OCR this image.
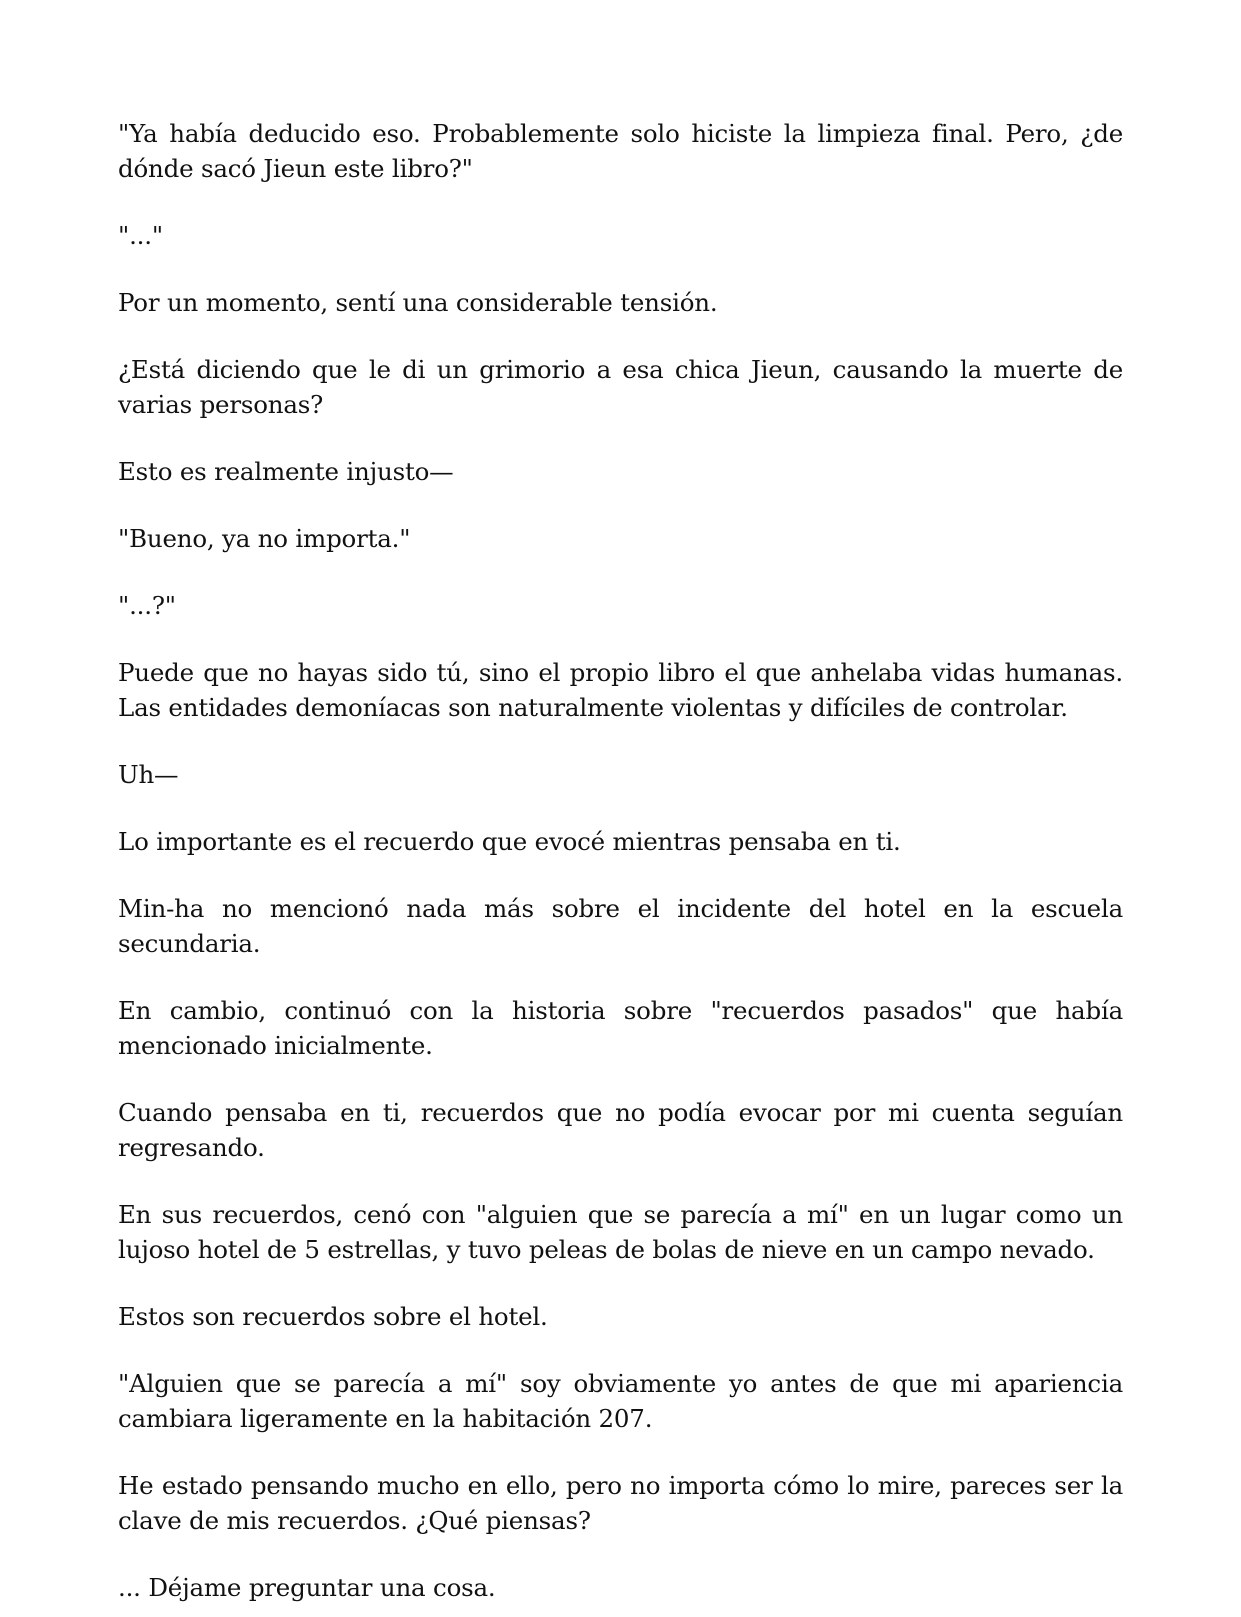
"Ya había deducido eso. Probablemente solo hiciste la limpieza final. Pero, ¿de dónde sacó Jieun este libro?"

"..."

Por un momento, sentí una considerable tensión.

¿Está diciendo que le di un grimorio a esa chica Jieun, causando la muerte de varias personas?

Esto es realmente injusto—

"Bueno, ya no importa."

"...?"

Puede que no hayas sido tú, sino el propio libro el que anhelaba vidas humanas. Las entidades demoníacas son naturalmente violentas y difíciles de controlar.

Uh—

Lo importante es el recuerdo que evocé mientras pensaba en ti.

Min-ha no mencionó nada más sobre el incidente del hotel en la escuela secundaria.

En cambio, continuó con la historia sobre "recuerdos pasados" que había mencionado inicialmente.

Cuando pensaba en ti, recuerdos que no podía evocar por mi cuenta seguían regresando.

En sus recuerdos, cenó con "alguien que se parecía a mí" en un lugar como un lujoso hotel de 5 estrellas, y tuvo peleas de bolas de nieve en un campo nevado.

Estos son recuerdos sobre el hotel.

"Alguien que se parecía a mí" soy obviamente yo antes de que mi apariencia cambiara ligeramente en la habitación 207.

He estado pensando mucho en ello, pero no importa cómo lo mire, pareces ser la clave de mis recuerdos. ¿Qué piensas?

... Déjame preguntar una cosa.
